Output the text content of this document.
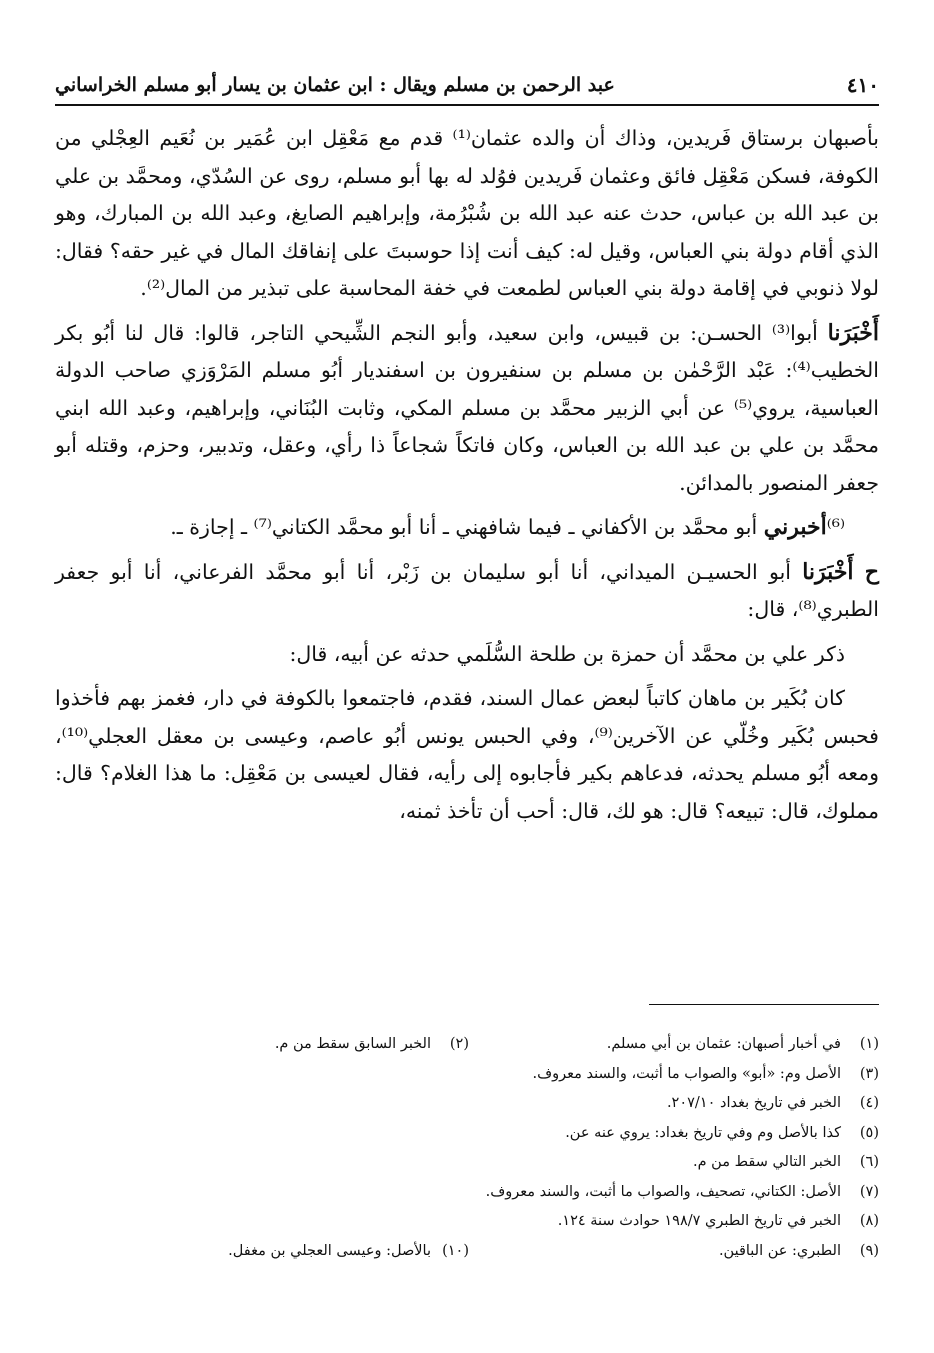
٤١٠
عبد الرحمن بن مسلم ويقال : ابن عثمان بن يسار أبو مسلم الخراساني

بأصبهان برستاق فَريدين، وذاك أن والده عثمان⁽¹⁾ قدم مع مَعْقِل ابن عُمَير بن نُعَيم العِجْلي من الكوفة، فسكن مَعْقِل فائق وعثمان فَريدين فوُلد له بها أبو مسلم، روى عن السُدّي، ومحمَّد بن علي بن عبد الله بن عباس، حدث عنه عبد الله بن شُبْرُمة، وإبراهيم الصايغ، وعبد الله بن المبارك، وهو الذي أقام دولة بني العباس، وقيل له: كيف أنت إذا حوسبتَ على إنفاقك المال في غير حقه؟ فقال: لولا ذنوبي في إقامة دولة بني العباس لطمعت في خفة المحاسبة على تبذير من المال⁽²⁾.

أَخْبَرَنا أبوا⁽³⁾ الحسـن: بن قبيس، وابن سعيد، وأبو النجم الشِّيحي التاجر، قالوا: قال لنا أبُو بكر الخطيب⁽⁴⁾: عَبْد الرَّحْمٰن بن مسلم بن سنفيرون بن اسفنديار أبُو مسلم المَرْوَزي صاحب الدولة العباسية، يروي⁽⁵⁾ عن أبي الزبير محمَّد بن مسلم المكي، وثابت البُنَاني، وإبراهيم، وعبد الله ابني محمَّد بن علي بن عبد الله بن العباس، وكان فاتكاً شجاعاً ذا رأي، وعقل، وتدبير، وحزم، وقتله أبو جعفر المنصور بالمدائن.

⁽⁶⁾أخبرني أبو محمَّد بن الأكفاني ـ فيما شافهني ـ أنا أبو محمَّد الكتاني⁽⁷⁾ ـ إجازة ـ.

ح أَخْبَرَنا أبو الحسيـن الميداني، أنا أبو سليمان بن زَبْر، أنا أبو محمَّد الفرعاني، أنا أبو جعفر الطبري⁽⁸⁾، قال:

ذكر علي بن محمَّد أن حمزة بن طلحة السُّلَمي حدثه عن أبيه، قال:

كان بُكَير بن ماهان كاتباً لبعض عمال السند، فقدم، فاجتمعوا بالكوفة في دار، فغمز بهم فأخذوا فحبس بُكَير وخُلّي عن الآخرين⁽⁹⁾، وفي الحبس يونس أبُو عاصم، وعيسى بن معقل العجلي⁽¹⁰⁾، ومعه أبُو مسلم يحدثه، فدعاهم بكير فأجابوه إلى رأيه، فقال لعيسى بن مَعْقِل: ما هذا الغلام؟ قال: مملوك، قال: تبيعه؟ قال: هو لك، قال: أحب أن تأخذ ثمنه،

(١)
في أخبار أصبهان: عثمان بن أبي مسلم.
(٢)
الخبر السابق سقط من م.
(٣)
الأصل وم: «أبو» والصواب ما أثبت، والسند معروف.
(٤)
الخبر في تاريخ بغداد ٢٠٧/١٠.
(٥)
كذا بالأصل وم وفي تاريخ بغداد: يروي عنه عن.
(٦)
الخبر التالي سقط من م.
(٧)
الأصل: الكتاني، تصحيف، والصواب ما أثبت، والسند معروف.
(٨)
الخبر في تاريخ الطبري ١٩٨/٧ حوادث سنة ١٢٤.
(٩)
الطبري: عن الباقين.
(١٠)
بالأصل: وعيسى العجلي بن مغفل.
